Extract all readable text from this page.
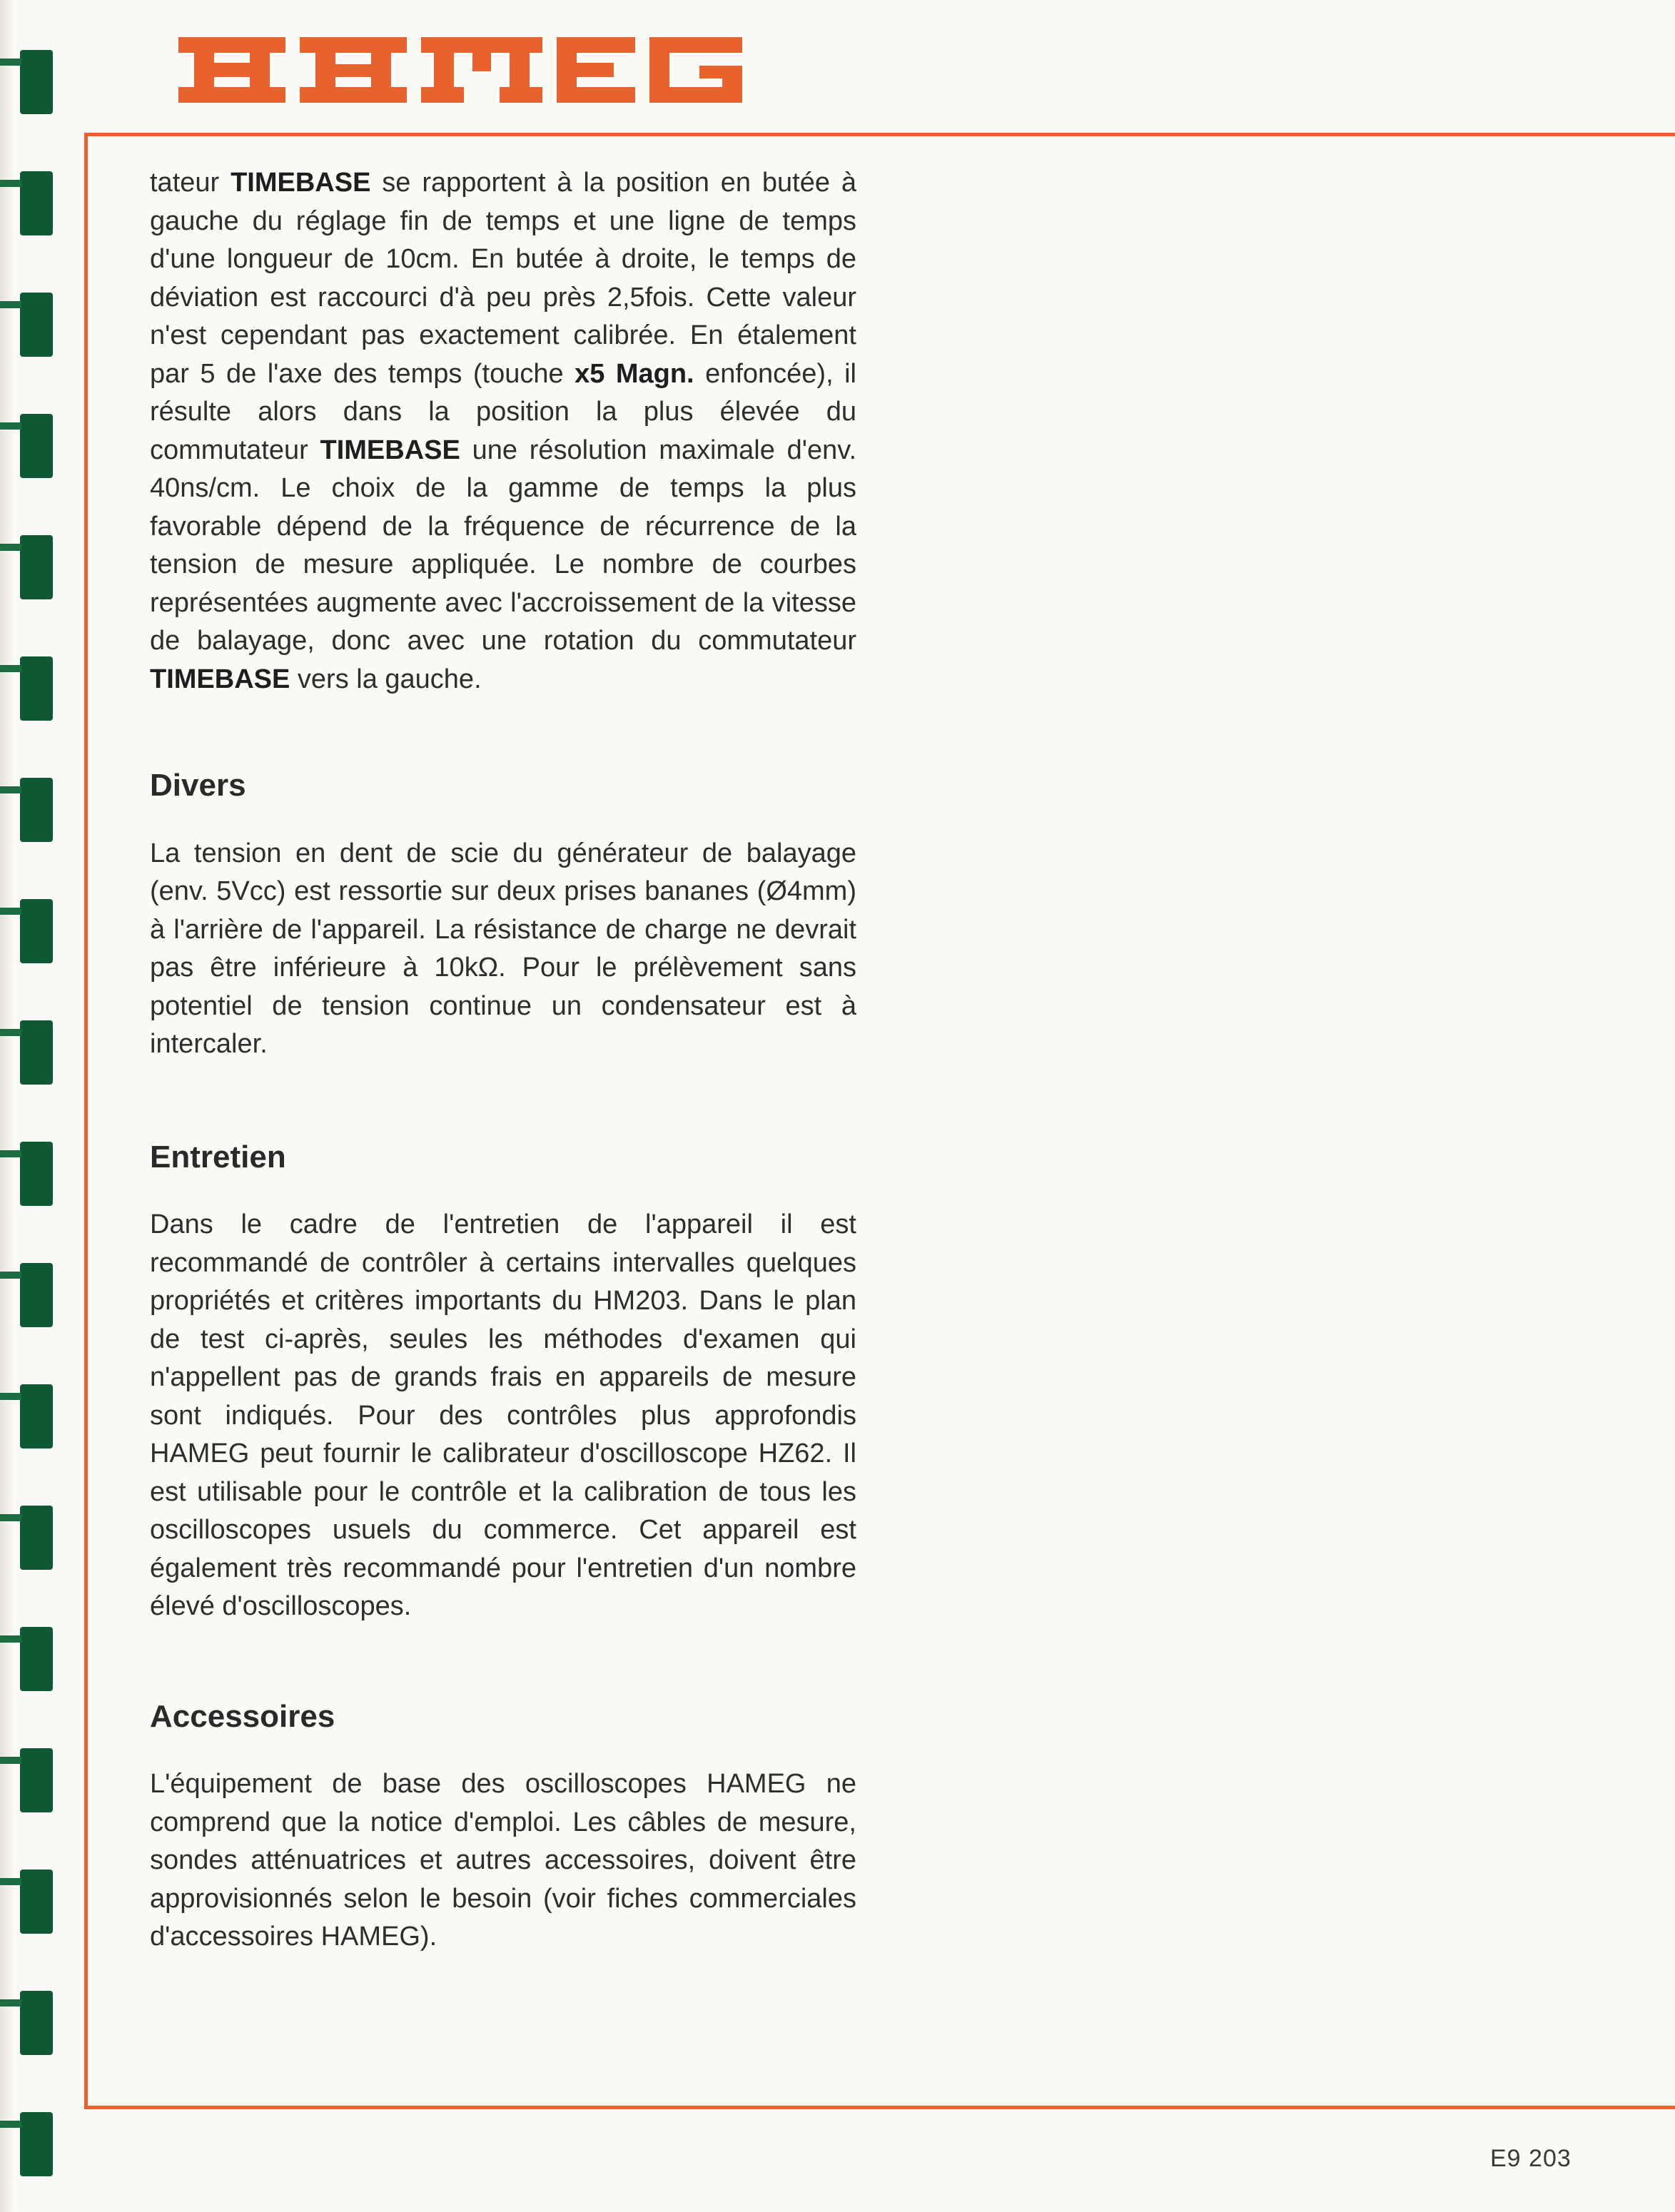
tateur TIMEBASE se rapportent à la position en butée à gauche du réglage fin de temps et une ligne de temps d'une longueur de 10cm. En butée à droite, le temps de déviation est raccourci d'à peu près 2,5fois. Cette valeur n'est cependant pas exactement calibrée. En étalement par 5 de l'axe des temps (touche x5 Magn. enfoncée), il résulte alors dans la position la plus élevée du commutateur TIMEBASE une résolution maximale d'env. 40ns/cm. Le choix de la gamme de temps la plus favorable dépend de la fréquence de récurrence de la tension de mesure appliquée. Le nombre de courbes représentées augmente avec l'accroissement de la vitesse de balayage, donc avec une rotation du commutateur TIMEBASE vers la gauche.

Divers

La tension en dent de scie du générateur de balayage (env. 5Vcc) est ressortie sur deux prises bananes (Ø4mm) à l'arrière de l'appareil. La résistance de charge ne devrait pas être inférieure à 10kΩ. Pour le prélèvement sans potentiel de tension continue un condensateur est à intercaler.

Entretien

Dans le cadre de l'entretien de l'appareil il est recommandé de contrôler à certains intervalles quelques propriétés et critères importants du HM203. Dans le plan de test ci-après, seules les méthodes d'examen qui n'appellent pas de grands frais en appareils de mesure sont indiqués. Pour des contrôles plus approfondis HAMEG peut fournir le calibrateur d'oscilloscope HZ62. Il est utilisable pour le contrôle et la calibration de tous les oscilloscopes usuels du commerce. Cet appareil est également très recommandé pour l'entretien d'un nombre élevé d'oscilloscopes.

Accessoires

L'équipement de base des oscilloscopes HAMEG ne comprend que la notice d'emploi. Les câbles de mesure, sondes atténuatrices et autres accessoires, doivent être approvisionnés selon le besoin (voir fiches commerciales d'accessoires HAMEG).

E9 203
